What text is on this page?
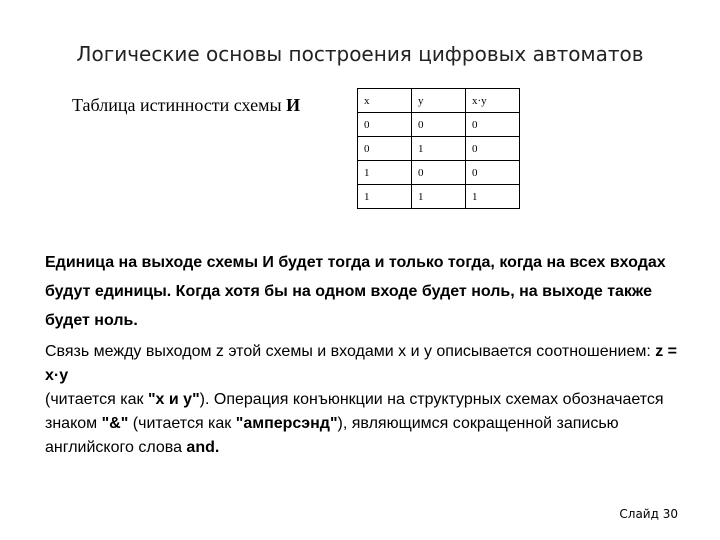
Логические основы построения цифровых автоматов
Таблица истинности схемы И	x	y	x·y
0	0	0
0	1	0
1	0	0
1	1	1
Единица на выходе схемы И будет тогда и только тогда, когда на всех входах будут единицы. Когда хотя бы на одном входе будет ноль, на выходе также будет ноль.
Связь между выходом z этой схемы и входами x и y описывается соотношением: z = x·y
(читается как "x и y"). Операция конъюнкции на структурных схемах обозначается знаком "&" (читается как "амперсэнд"), являющимся сокращенной записью английского слова and.
Слайд 30
